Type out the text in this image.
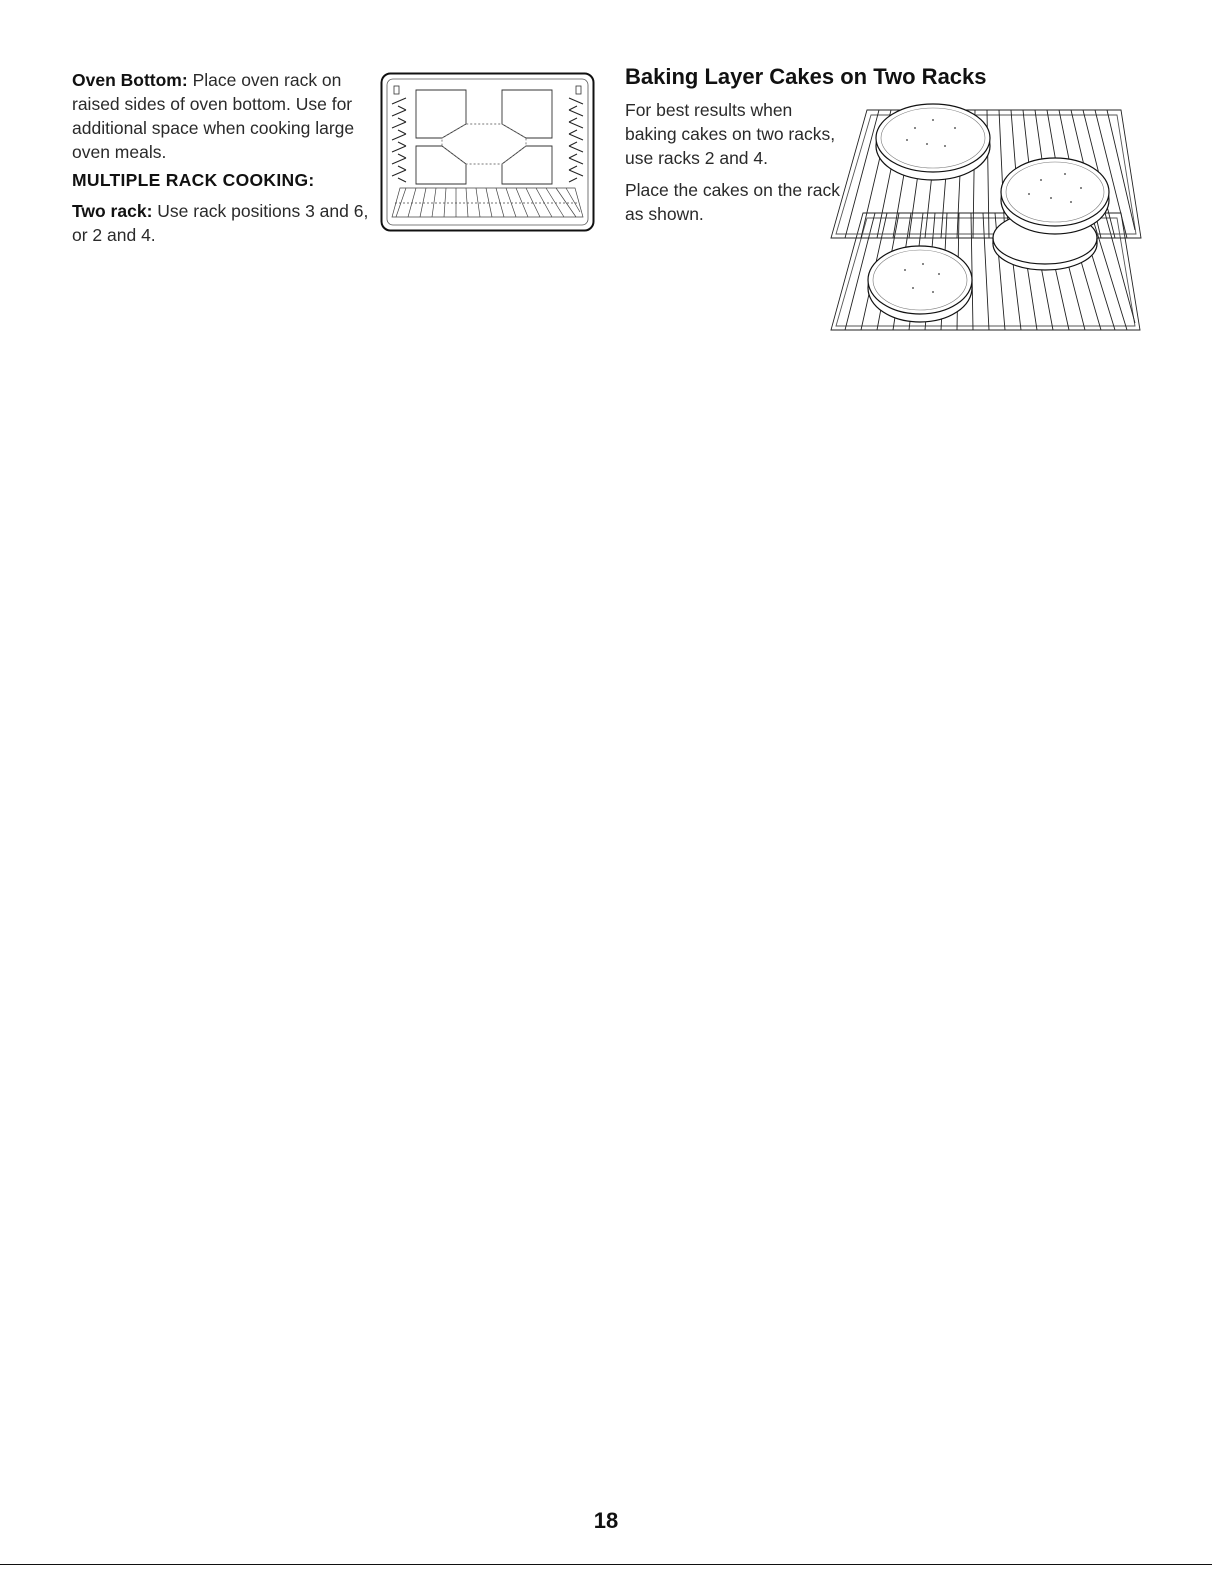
Oven Bottom: Place oven rack on raised sides of oven bottom. Use for additional space when cooking large oven meals.

MULTIPLE RACK COOKING:

Two rack: Use rack positions 3 and 6, or 2 and 4.

Baking Layer Cakes on Two Racks

For best results when baking cakes on two racks, use racks 2 and 4.

Place the cakes on the rack as shown.

18
